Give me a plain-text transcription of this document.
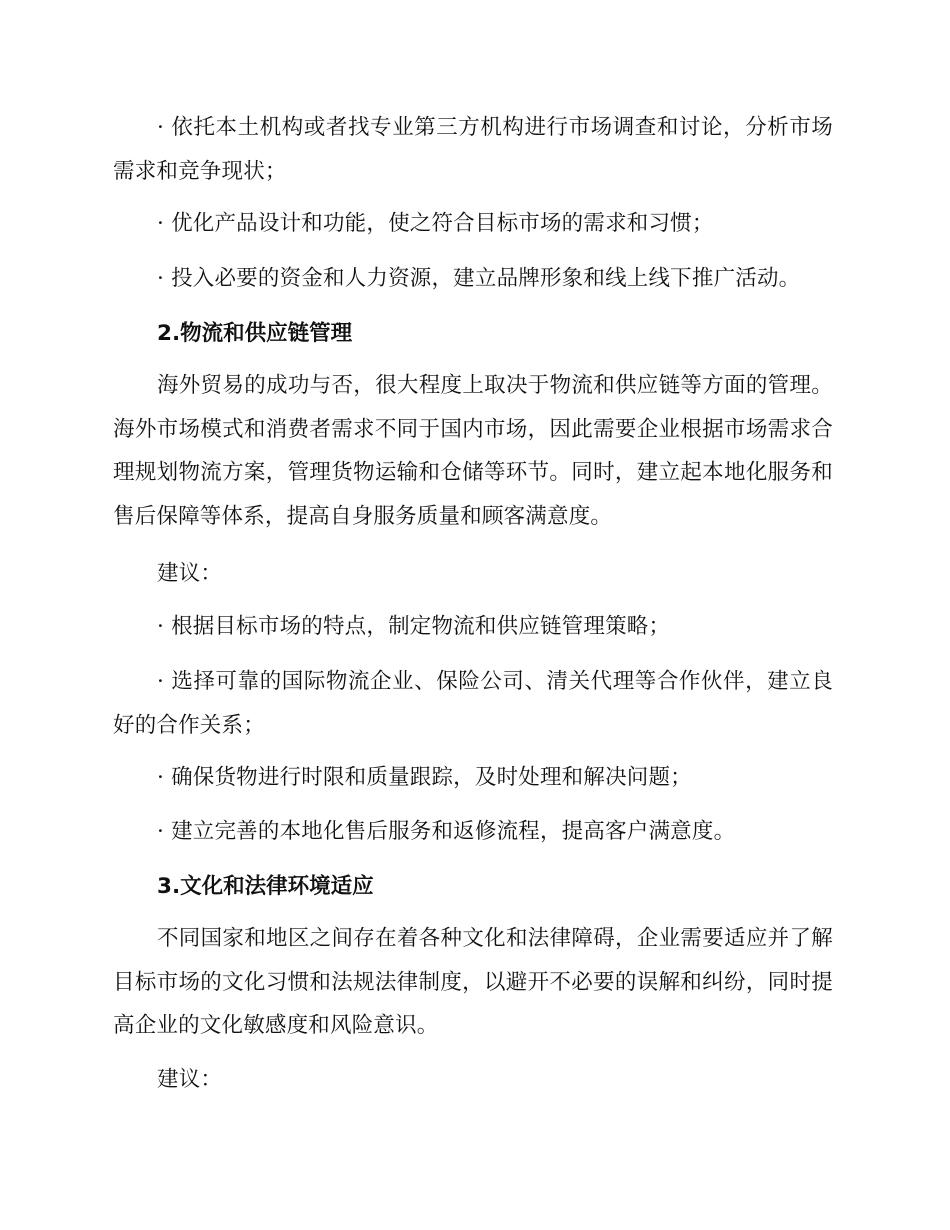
· 依托本土机构或者找专业第三方机构进行市场调查和讨论，分析市场需求和竞争现状；

· 优化产品设计和功能，使之符合目标市场的需求和习惯；

· 投入必要的资金和人力资源，建立品牌形象和线上线下推广活动。

2.物流和供应链管理

海外贸易的成功与否，很大程度上取决于物流和供应链等方面的管理。海外市场模式和消费者需求不同于国内市场，因此需要企业根据市场需求合理规划物流方案，管理货物运输和仓储等环节。同时，建立起本地化服务和售后保障等体系，提高自身服务质量和顾客满意度。

建议：

· 根据目标市场的特点，制定物流和供应链管理策略；

· 选择可靠的国际物流企业、保险公司、清关代理等合作伙伴，建立良好的合作关系；

· 确保货物进行时限和质量跟踪，及时处理和解决问题；

· 建立完善的本地化售后服务和返修流程，提高客户满意度。

3.文化和法律环境适应

不同国家和地区之间存在着各种文化和法律障碍，企业需要适应并了解目标市场的文化习惯和法规法律制度，以避开不必要的误解和纠纷，同时提高企业的文化敏感度和风险意识。

建议：
